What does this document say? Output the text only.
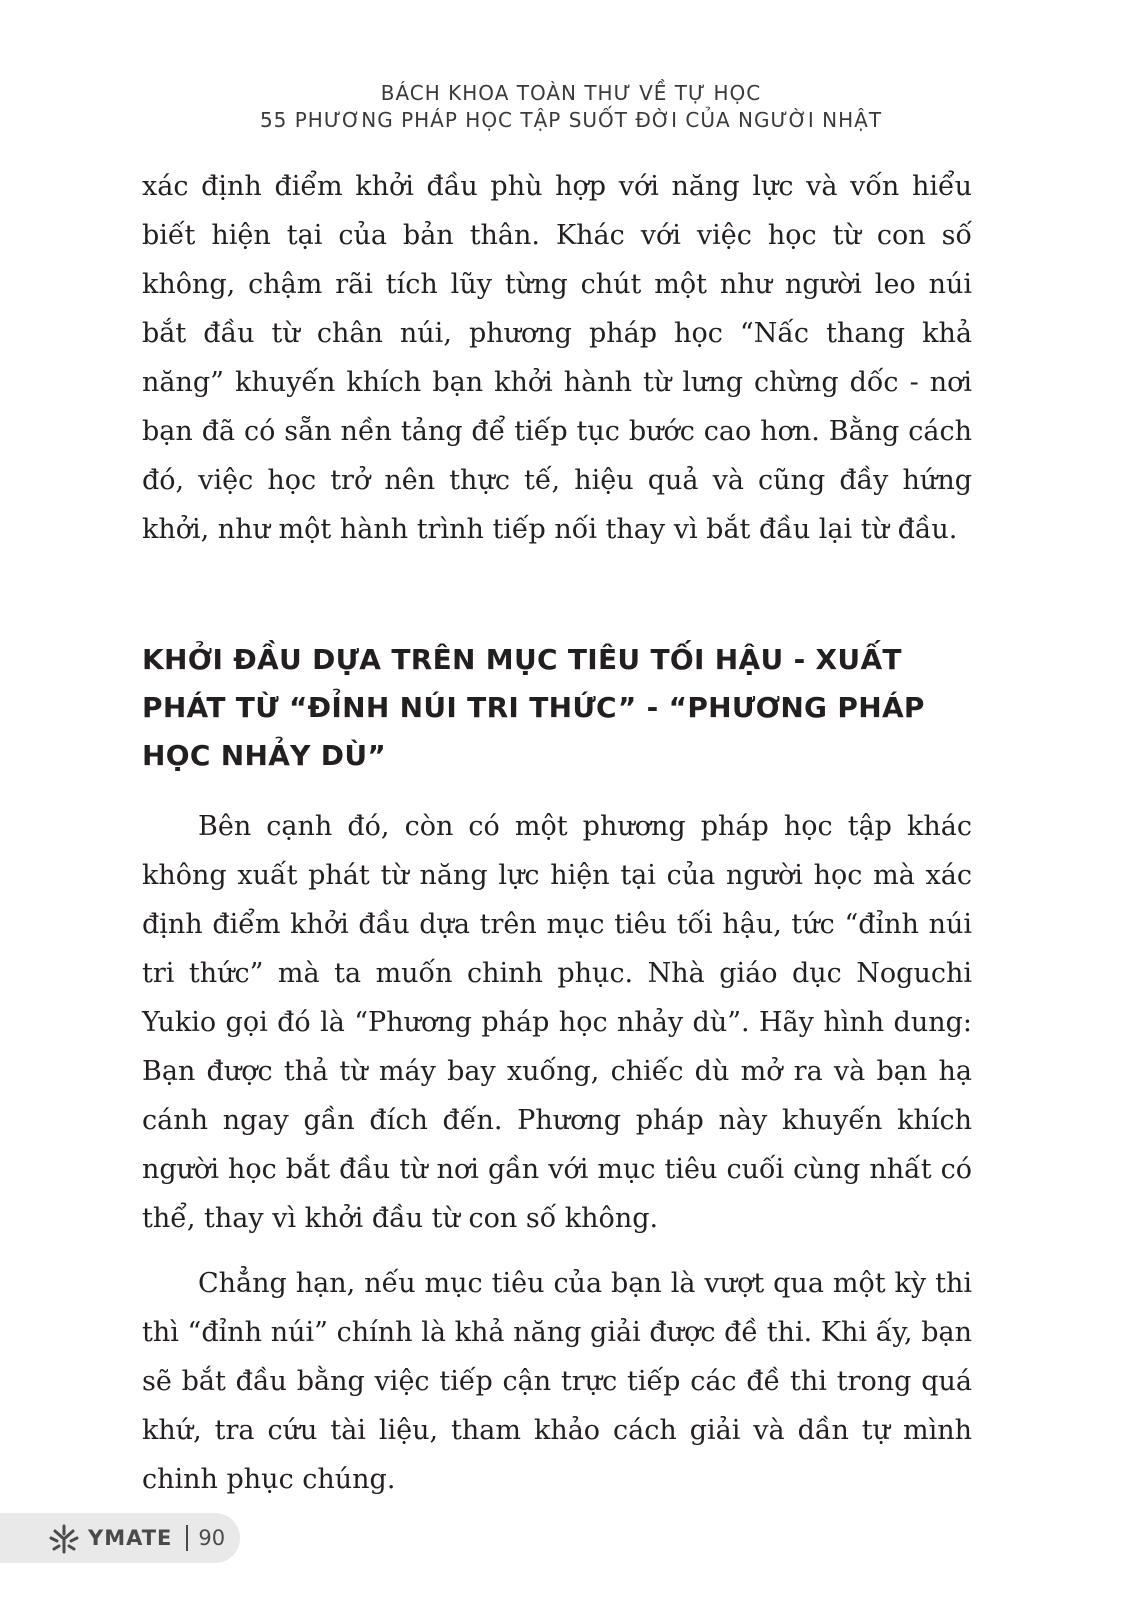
BÁCH KHOA TOÀN THƯ VỀ TỰ HỌC
55 PHƯƠNG PHÁP HỌC TẬP SUỐT ĐỜI CỦA NGƯỜI NHẬT

xác định điểm khởi đầu phù hợp với năng lực và vốn hiểu biết hiện tại của bản thân. Khác với việc học từ con số không, chậm rãi tích lũy từng chút một như người leo núi bắt đầu từ chân núi, phương pháp học “Nấc thang khả năng” khuyến khích bạn khởi hành từ lưng chừng dốc - nơi bạn đã có sẵn nền tảng để tiếp tục bước cao hơn. Bằng cách đó, việc học trở nên thực tế, hiệu quả và cũng đầy hứng khởi, như một hành trình tiếp nối thay vì bắt đầu lại từ đầu.

KHỞI ĐẦU DỰA TRÊN MỤC TIÊU TỐI HẬU - XUẤT PHÁT TỪ “ĐỈNH NÚI TRI THỨC” - “PHƯƠNG PHÁP HỌC NHẢY DÙ”

Bên cạnh đó, còn có một phương pháp học tập khác không xuất phát từ năng lực hiện tại của người học mà xác định điểm khởi đầu dựa trên mục tiêu tối hậu, tức “đỉnh núi tri thức” mà ta muốn chinh phục. Nhà giáo dục Noguchi Yukio gọi đó là “Phương pháp học nhảy dù”. Hãy hình dung: Bạn được thả từ máy bay xuống, chiếc dù mở ra và bạn hạ cánh ngay gần đích đến. Phương pháp này khuyến khích người học bắt đầu từ nơi gần với mục tiêu cuối cùng nhất có thể, thay vì khởi đầu từ con số không.

Chẳng hạn, nếu mục tiêu của bạn là vượt qua một kỳ thi thì “đỉnh núi” chính là khả năng giải được đề thi. Khi ấy, bạn sẽ bắt đầu bằng việc tiếp cận trực tiếp các đề thi trong quá khứ, tra cứu tài liệu, tham khảo cách giải và dần tự mình chinh phục chúng.

YMATE 90
